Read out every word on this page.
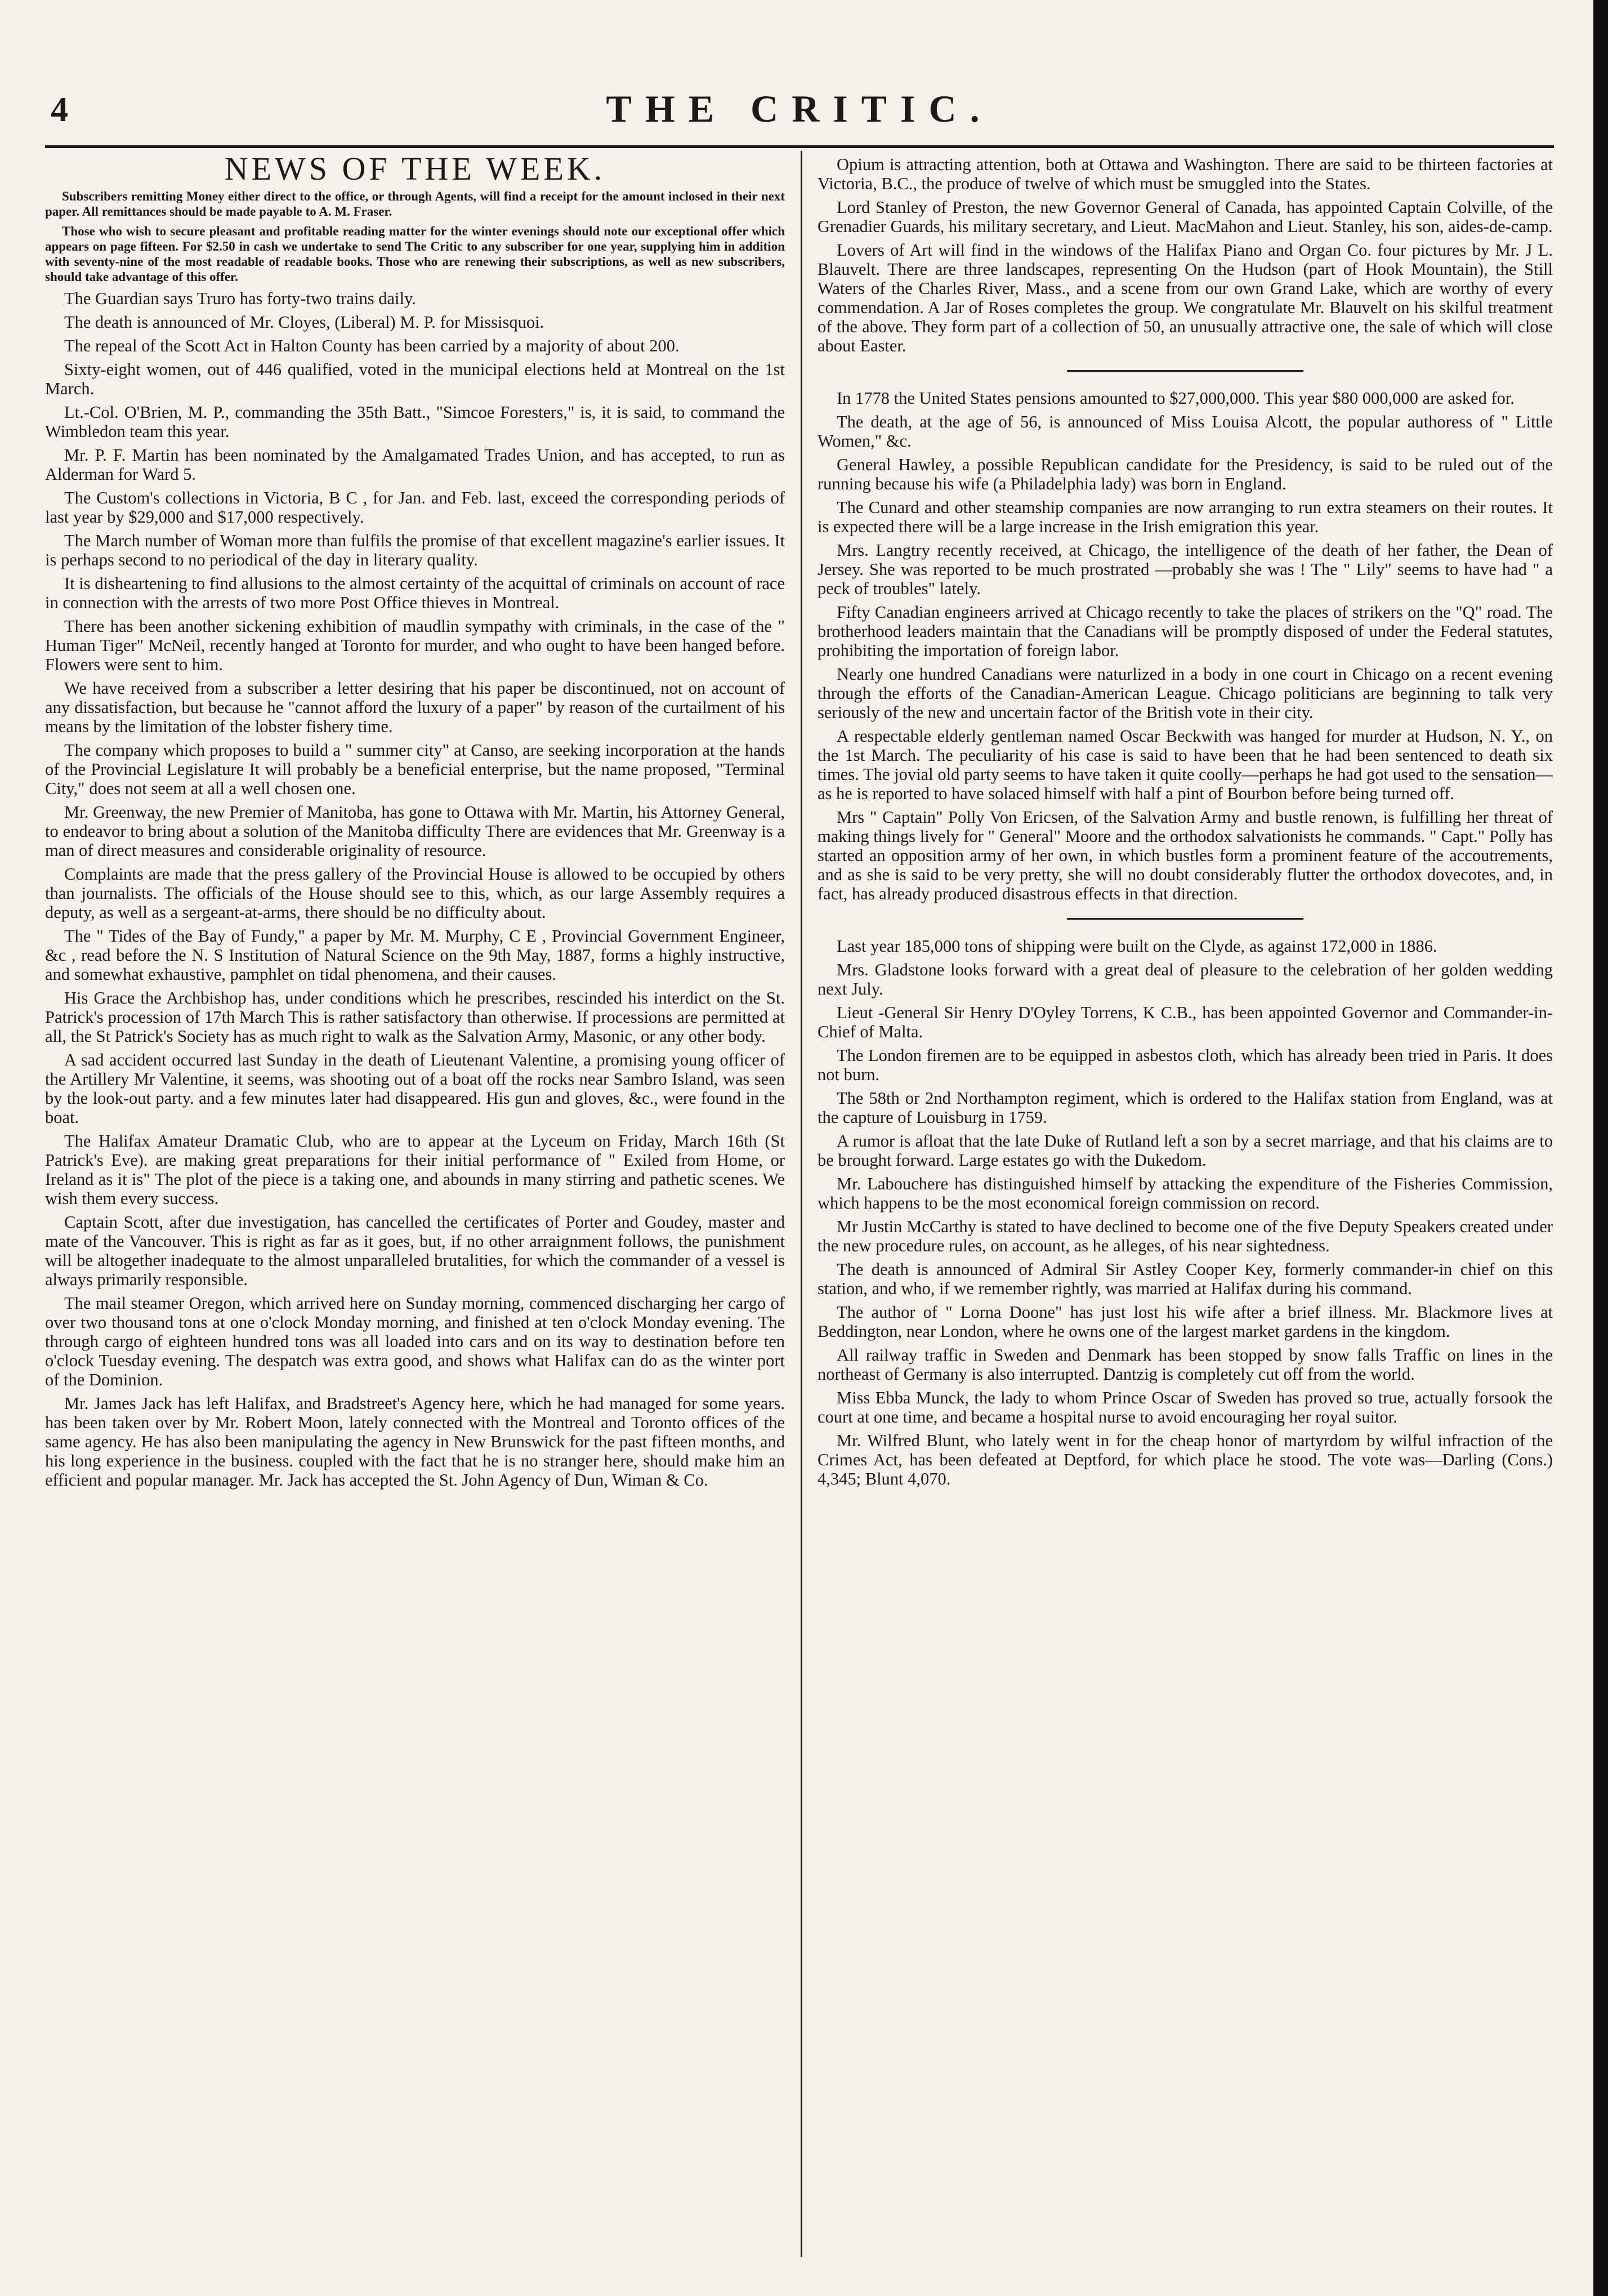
4	THE CRITIC.
NEWS OF THE WEEK.

Subscribers remitting Money either direct to the office, or through Agents, will find a receipt for the amount inclosed in their next paper. All remittances should be made payable to A. M. Fraser.

Those who wish to secure pleasant and profitable reading matter for the winter evenings should note our exceptional offer which appears on page fifteen. For $2.50 in cash we undertake to send The Critic to any subscriber for one year, supplying him in addition with seventy-nine of the most readable of readable books. Those who are renewing their subscriptions, as well as new subscribers, should take advantage of this offer.

The Guardian says Truro has forty-two trains daily.

The death is announced of Mr. Cloyes, (Liberal) M. P. for Missisquoi.

The repeal of the Scott Act in Halton County has been carried by a majority of about 200.

Sixty-eight women, out of 446 qualified, voted in the municipal elections held at Montreal on the 1st March.

Lt.-Col. O'Brien, M. P., commanding the 35th Batt., "Simcoe Foresters," is, it is said, to command the Wimbledon team this year.

Mr. P. F. Martin has been nominated by the Amalgamated Trades Union, and has accepted, to run as Alderman for Ward 5.

The Custom's collections in Victoria, B C , for Jan. and Feb. last, exceed the corresponding periods of last year by $29,000 and $17,000 respectively.

The March number of Woman more than fulfils the promise of that excellent magazine's earlier issues. It is perhaps second to no periodical of the day in literary quality.

It is disheartening to find allusions to the almost certainty of the acquittal of criminals on account of race in connection with the arrests of two more Post Office thieves in Montreal.

There has been another sickening exhibition of maudlin sympathy with criminals, in the case of the " Human Tiger" McNeil, recently hanged at Toronto for murder, and who ought to have been hanged before. Flowers were sent to him.

We have received from a subscriber a letter desiring that his paper be discontinued, not on account of any dissatisfaction, but because he "cannot afford the luxury of a paper" by reason of the curtailment of his means by the limitation of the lobster fishery time.

The company which proposes to build a " summer city" at Canso, are seeking incorporation at the hands of the Provincial Legislature It will probably be a beneficial enterprise, but the name proposed, "Terminal City," does not seem at all a well chosen one.

Mr. Greenway, the new Premier of Manitoba, has gone to Ottawa with Mr. Martin, his Attorney General, to endeavor to bring about a solution of the Manitoba difficulty There are evidences that Mr. Greenway is a man of direct measures and considerable originality of resource.

Complaints are made that the press gallery of the Provincial House is allowed to be occupied by others than journalists. The officials of the House should see to this, which, as our large Assembly requires a deputy, as well as a sergeant-at-arms, there should be no difficulty about.

The " Tides of the Bay of Fundy," a paper by Mr. M. Murphy, C E , Provincial Government Engineer, &c , read before the N. S Institution of Natural Science on the 9th May, 1887, forms a highly instructive, and somewhat exhaustive, pamphlet on tidal phenomena, and their causes.

His Grace the Archbishop has, under conditions which he prescribes, rescinded his interdict on the St. Patrick's procession of 17th March This is rather satisfactory than otherwise. If processions are permitted at all, the St Patrick's Society has as much right to walk as the Salvation Army, Masonic, or any other body.

A sad accident occurred last Sunday in the death of Lieutenant Valentine, a promising young officer of the Artillery Mr Valentine, it seems, was shooting out of a boat off the rocks near Sambro Island, was seen by the look-out party. and a few minutes later had disappeared. His gun and gloves, &c., were found in the boat.

The Halifax Amateur Dramatic Club, who are to appear at the Lyceum on Friday, March 16th (St Patrick's Eve). are making great preparations for their initial performance of " Exiled from Home, or Ireland as it is" The plot of the piece is a taking one, and abounds in many stirring and pathetic scenes. We wish them every success.

Captain Scott, after due investigation, has cancelled the certificates of Porter and Goudey, master and mate of the Vancouver. This is right as far as it goes, but, if no other arraignment follows, the punishment will be altogether inadequate to the almost unparalleled brutalities, for which the commander of a vessel is always primarily responsible.

The mail steamer Oregon, which arrived here on Sunday morning, commenced discharging her cargo of over two thousand tons at one o'clock Monday morning, and finished at ten o'clock Monday evening. The through cargo of eighteen hundred tons was all loaded into cars and on its way to destination before ten o'clock Tuesday evening. The despatch was extra good, and shows what Halifax can do as the winter port of the Dominion.

Mr. James Jack has left Halifax, and Bradstreet's Agency here, which he had managed for some years. has been taken over by Mr. Robert Moon, lately connected with the Montreal and Toronto offices of the same agency. He has also been manipulating the agency in New Brunswick for the past fifteen months, and his long experience in the business. coupled with the fact that he is no stranger here, should make him an efficient and popular manager. Mr. Jack has accepted the St. John Agency of Dun, Wiman & Co.

Opium is attracting attention, both at Ottawa and Washington. There are said to be thirteen factories at Victoria, B.C., the produce of twelve of which must be smuggled into the States.

Lord Stanley of Preston, the new Governor General of Canada, has appointed Captain Colville, of the Grenadier Guards, his military secretary, and Lieut. MacMahon and Lieut. Stanley, his son, aides-de-camp.

Lovers of Art will find in the windows of the Halifax Piano and Organ Co. four pictures by Mr. J L. Blauvelt. There are three landscapes, representing On the Hudson (part of Hook Mountain), the Still Waters of the Charles River, Mass., and a scene from our own Grand Lake, which are worthy of every commendation. A Jar of Roses completes the group. We congratulate Mr. Blauvelt on his skilful treatment of the above. They form part of a collection of 50, an unusually attractive one, the sale of which will close about Easter.

In 1778 the United States pensions amounted to $27,000,000. This year $80 000,000 are asked for.

The death, at the age of 56, is announced of Miss Louisa Alcott, the popular authoress of " Little Women," &c.

General Hawley, a possible Republican candidate for the Presidency, is said to be ruled out of the running because his wife (a Philadelphia lady) was born in England.

The Cunard and other steamship companies are now arranging to run extra steamers on their routes. It is expected there will be a large increase in the Irish emigration this year.

Mrs. Langtry recently received, at Chicago, the intelligence of the death of her father, the Dean of Jersey. She was reported to be much prostrated —probably she was ! The " Lily" seems to have had " a peck of troubles" lately.

Fifty Canadian engineers arrived at Chicago recently to take the places of strikers on the "Q" road. The brotherhood leaders maintain that the Canadians will be promptly disposed of under the Federal statutes, prohibiting the importation of foreign labor.

Nearly one hundred Canadians were naturlized in a body in one court in Chicago on a recent evening through the efforts of the Canadian-American League. Chicago politicians are beginning to talk very seriously of the new and uncertain factor of the British vote in their city.

A respectable elderly gentleman named Oscar Beckwith was hanged for murder at Hudson, N. Y., on the 1st March. The peculiarity of his case is said to have been that he had been sentenced to death six times. The jovial old party seems to have taken it quite coolly—perhaps he had got used to the sensation—as he is reported to have solaced himself with half a pint of Bourbon before being turned off.

Mrs " Captain" Polly Von Ericsen, of the Salvation Army and bustle renown, is fulfilling her threat of making things lively for " General" Moore and the orthodox salvationists he commands. " Capt." Polly has started an opposition army of her own, in which bustles form a prominent feature of the accoutrements, and as she is said to be very pretty, she will no doubt considerably flutter the orthodox dovecotes, and, in fact, has already produced disastrous effects in that direction.

Last year 185,000 tons of shipping were built on the Clyde, as against 172,000 in 1886.

Mrs. Gladstone looks forward with a great deal of pleasure to the celebration of her golden wedding next July.

Lieut -General Sir Henry D'Oyley Torrens, K C.B., has been appointed Governor and Commander-in-Chief of Malta.

The London firemen are to be equipped in asbestos cloth, which has already been tried in Paris. It does not burn.

The 58th or 2nd Northampton regiment, which is ordered to the Halifax station from England, was at the capture of Louisburg in 1759.

A rumor is afloat that the late Duke of Rutland left a son by a secret marriage, and that his claims are to be brought forward. Large estates go with the Dukedom.

Mr. Labouchere has distinguished himself by attacking the expenditure of the Fisheries Commission, which happens to be the most economical foreign commission on record.

Mr Justin McCarthy is stated to have declined to become one of the five Deputy Speakers created under the new procedure rules, on account, as he alleges, of his near sightedness.

The death is announced of Admiral Sir Astley Cooper Key, formerly commander-in chief on this station, and who, if we remember rightly, was married at Halifax during his command.

The author of " Lorna Doone" has just lost his wife after a brief illness. Mr. Blackmore lives at Beddington, near London, where he owns one of the largest market gardens in the kingdom.

All railway traffic in Sweden and Denmark has been stopped by snow falls Traffic on lines in the northeast of Germany is also interrupted. Dantzig is completely cut off from the world.

Miss Ebba Munck, the lady to whom Prince Oscar of Sweden has proved so true, actually forsook the court at one time, and became a hospital nurse to avoid encouraging her royal suitor.

Mr. Wilfred Blunt, who lately went in for the cheap honor of martyrdom by wilful infraction of the Crimes Act, has been defeated at Deptford, for which place he stood. The vote was—Darling (Cons.) 4,345; Blunt 4,070.
